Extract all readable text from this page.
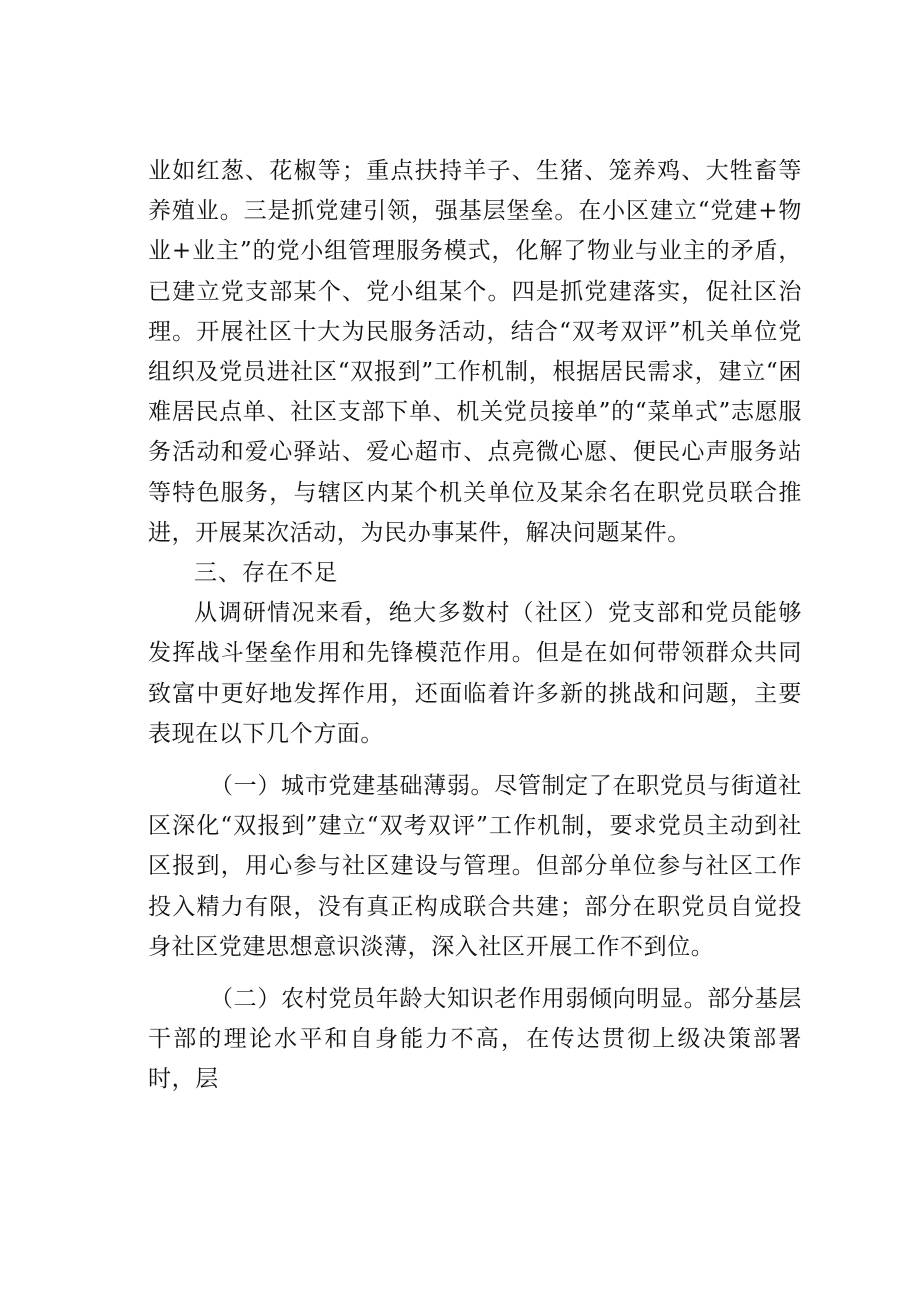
业如红葱、花椒等；重点扶持羊子、生猪、笼养鸡、大牲畜等养殖业。三是抓党建引领，强基层堡垒。在小区建立“党建+物业+业主”的党小组管理服务模式，化解了物业与业主的矛盾，已建立党支部某个、党小组某个。四是抓党建落实，促社区治理。开展社区十大为民服务活动，结合“双考双评”机关单位党组织及党员进社区“双报到”工作机制，根据居民需求，建立“困难居民点单、社区支部下单、机关党员接单”的“菜单式”志愿服务活动和爱心驿站、爱心超市、点亮微心愿、便民心声服务站等特色服务，与辖区内某个机关单位及某余名在职党员联合推进，开展某次活动，为民办事某件，解决问题某件。

三、存在不足

从调研情况来看，绝大多数村（社区）党支部和党员能够发挥战斗堡垒作用和先锋模范作用。但是在如何带领群众共同致富中更好地发挥作用，还面临着许多新的挑战和问题，主要表现在以下几个方面。

（一）城市党建基础薄弱。尽管制定了在职党员与街道社区深化“双报到”建立“双考双评”工作机制，要求党员主动到社区报到，用心参与社区建设与管理。但部分单位参与社区工作投入精力有限，没有真正构成联合共建；部分在职党员自觉投身社区党建思想意识淡薄，深入社区开展工作不到位。

（二）农村党员年龄大知识老作用弱倾向明显。部分基层干部的理论水平和自身能力不高，在传达贯彻上级决策部署时，层
